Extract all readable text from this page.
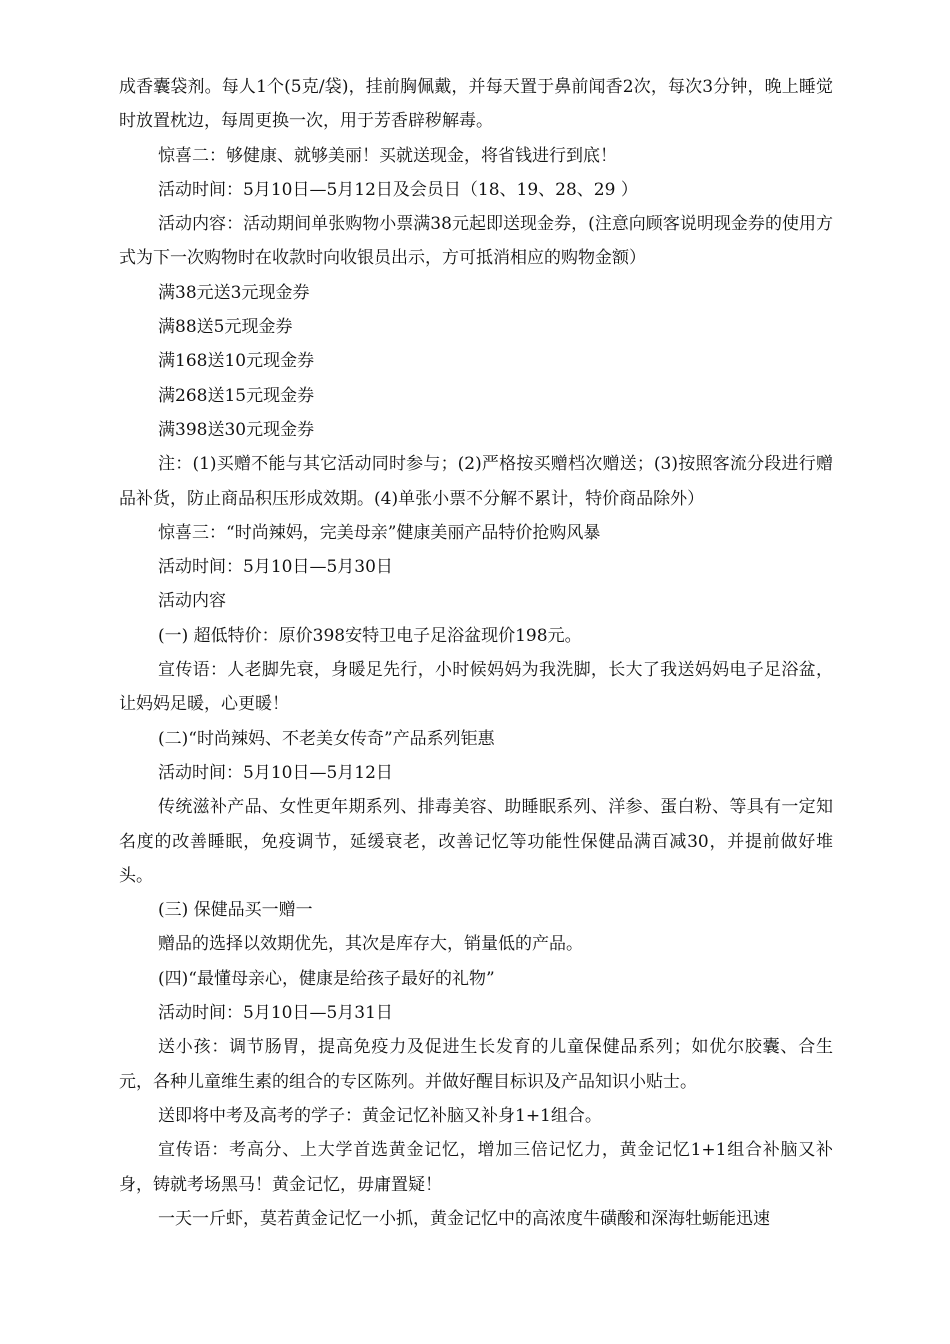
成香囊袋剂。每人1个(5克/袋)，挂前胸佩戴，并每天置于鼻前闻香2次，每次3分钟，晚上睡觉时放置枕边，每周更换一次，用于芳香辟秽解毒。

惊喜二：够健康、就够美丽！买就送现金，将省钱进行到底！

活动时间：5月10日—5月12日及会员日（18、19、28、29 ）

活动内容：活动期间单张购物小票满38元起即送现金券，(注意向顾客说明现金券的使用方式为下一次购物时在收款时向收银员出示，方可抵消相应的购物金额）

满38元送3元现金券

满88送5元现金券

满168送10元现金券

满268送15元现金券

满398送30元现金券

注：(1)买赠不能与其它活动同时参与；(2)严格按买赠档次赠送；(3)按照客流分段进行赠品补货，防止商品积压形成效期。(4)单张小票不分解不累计，特价商品除外）

惊喜三：“时尚辣妈，完美母亲”健康美丽产品特价抢购风暴

活动时间：5月10日—5月30日

活动内容

(一) 超低特价：原价398安特卫电子足浴盆现价198元。

宣传语：人老脚先衰，身暖足先行，小时候妈妈为我洗脚，长大了我送妈妈电子足浴盆，让妈妈足暖，心更暖！

(二)“时尚辣妈、不老美女传奇”产品系列钜惠

活动时间：5月10日—5月12日

传统滋补产品、女性更年期系列、排毒美容、助睡眠系列、洋参、蛋白粉、等具有一定知名度的改善睡眠，免疫调节，延缓衰老，改善记忆等功能性保健品满百减30，并提前做好堆头。

(三) 保健品买一赠一

赠品的选择以效期优先，其次是库存大，销量低的产品。

(四)“最懂母亲心，健康是给孩子最好的礼物”

活动时间：5月10日—5月31日

送小孩：调节肠胃，提高免疫力及促进生长发育的儿童保健品系列；如优尔胶囊、合生元，各种儿童维生素的组合的专区陈列。并做好醒目标识及产品知识小贴士。

送即将中考及高考的学子：黄金记忆补脑又补身1+1组合。

宣传语：考高分、上大学首选黄金记忆，增加三倍记忆力，黄金记忆1+1组合补脑又补身，铸就考场黑马！黄金记忆，毋庸置疑！

一天一斤虾，莫若黄金记忆一小抓，黄金记忆中的高浓度牛磺酸和深海牡蛎能迅速
